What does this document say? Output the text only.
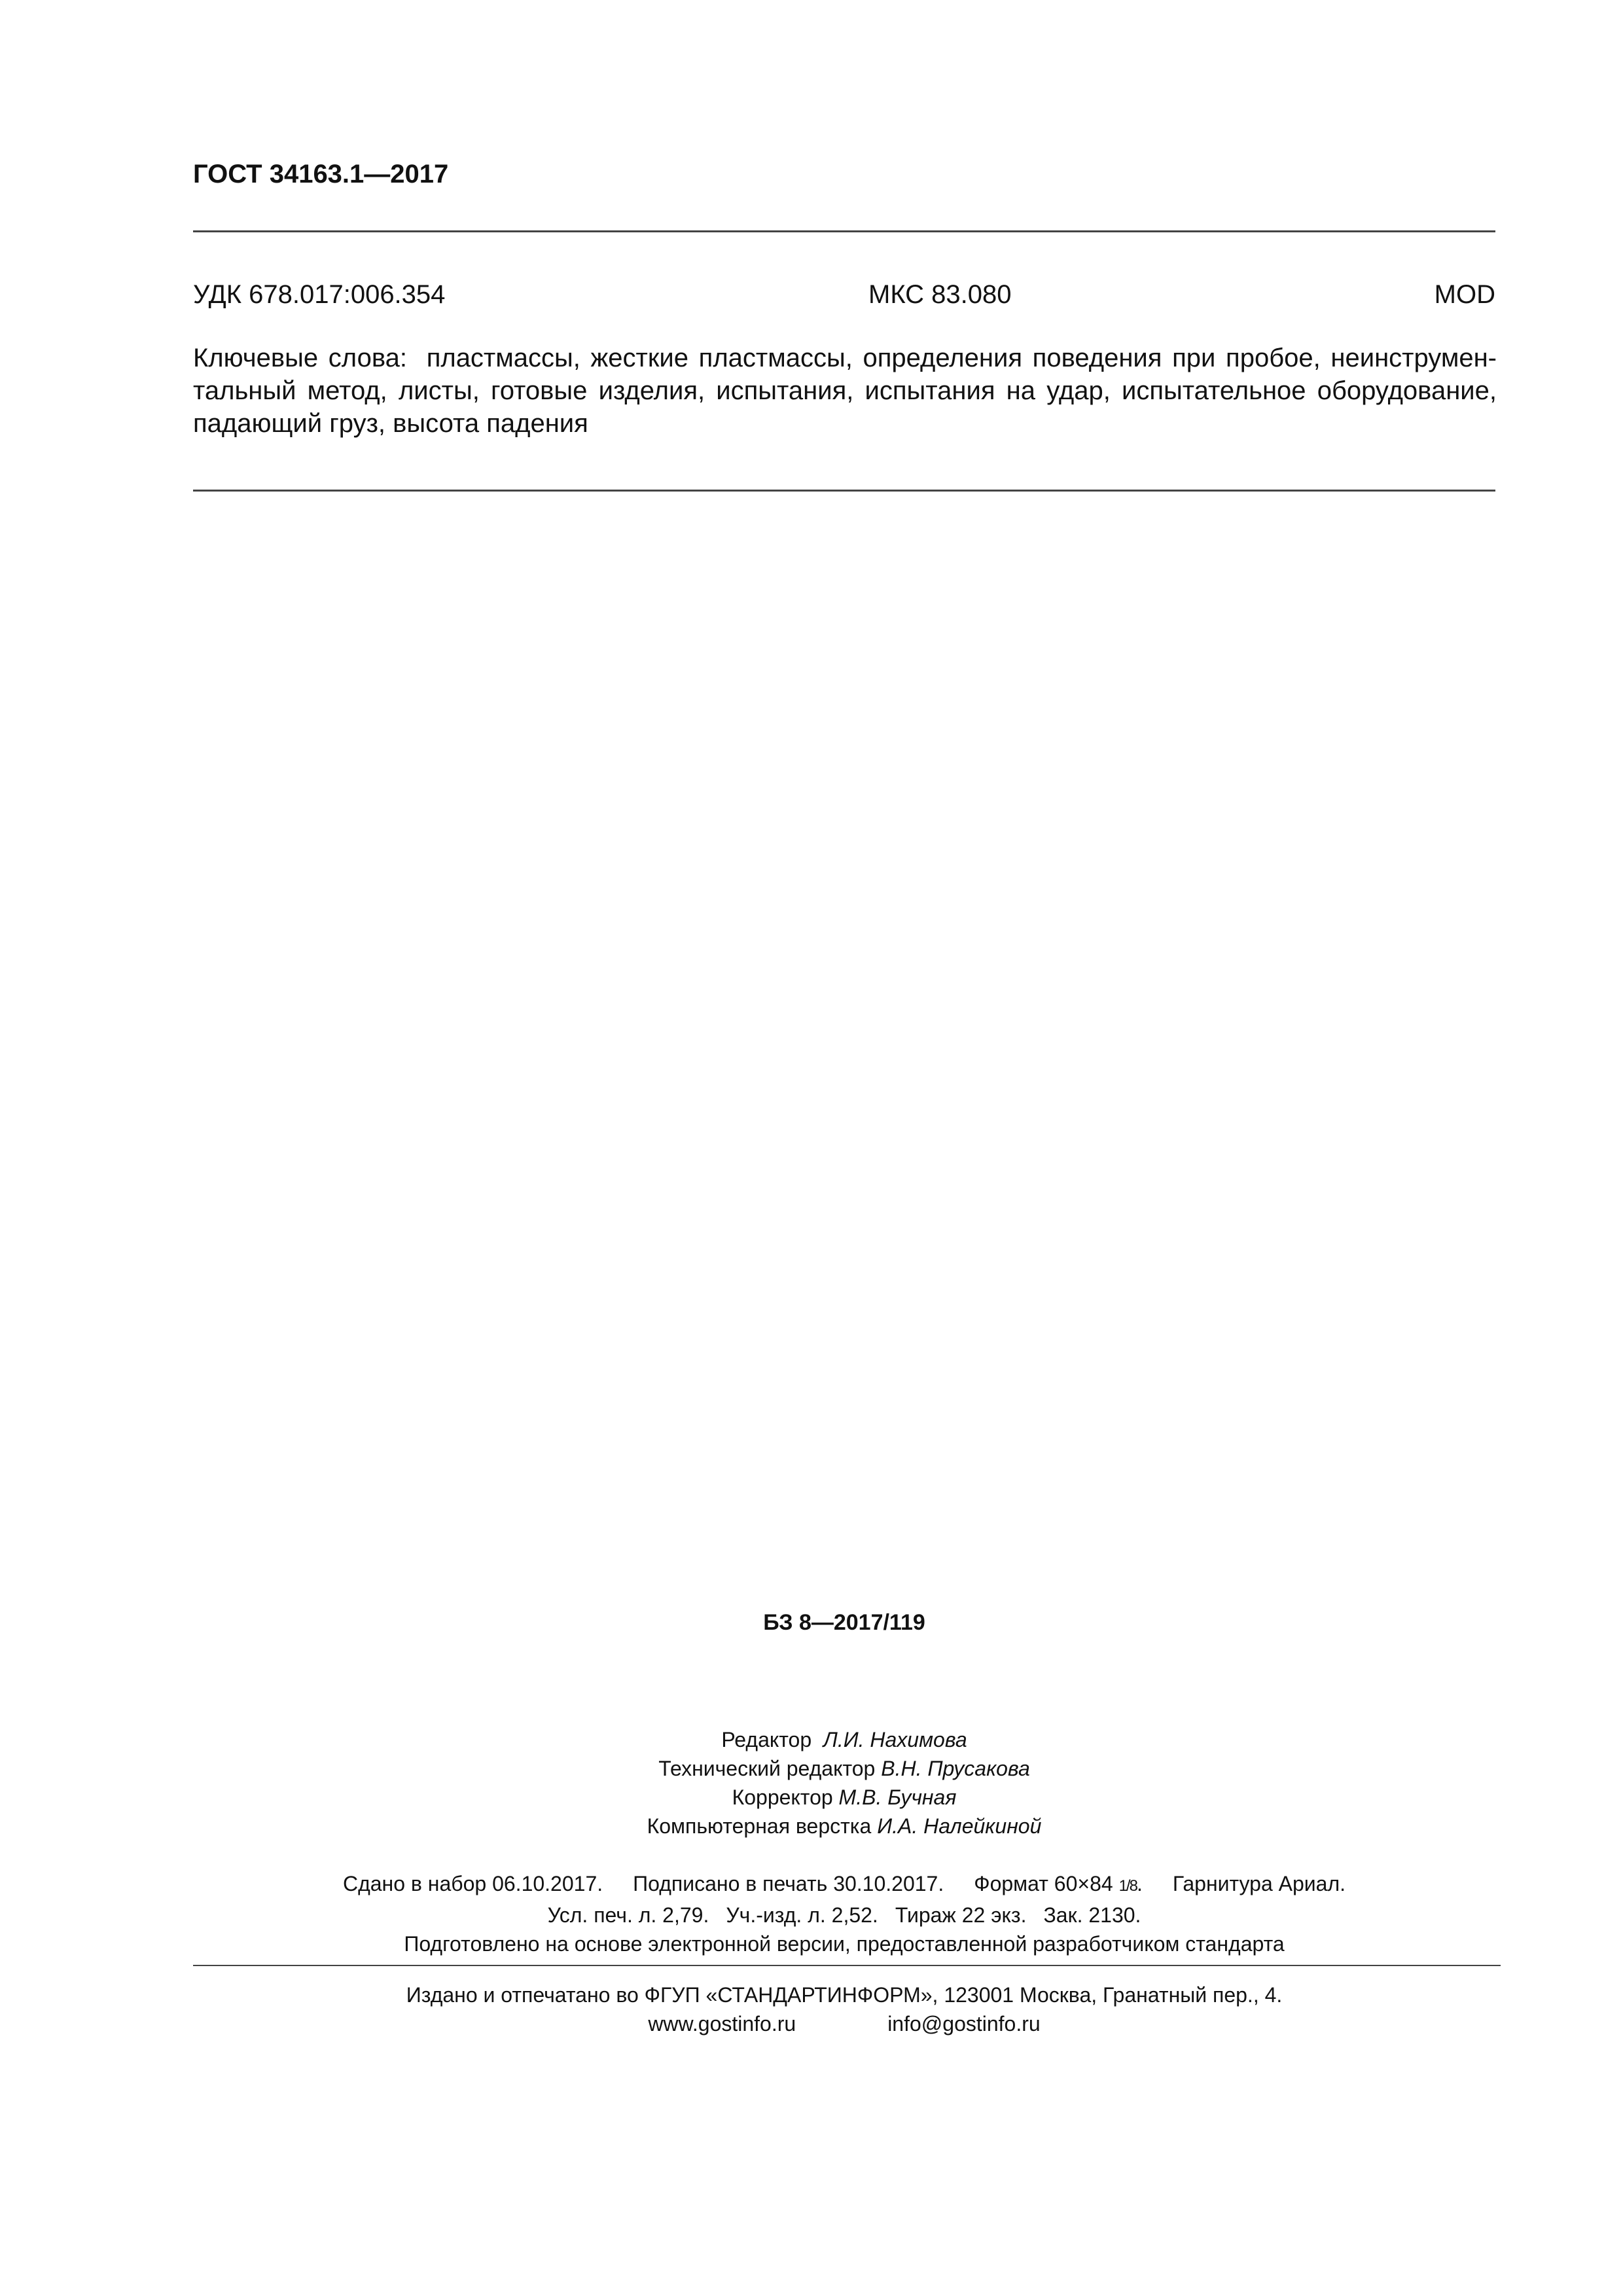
ГОСТ 34163.1—2017
УДК 678.017:006.354	МКС 83.080	MOD
Ключевые слова: пластмассы, жесткие пластмассы, определения поведения при пробое, неинструмен-тальный метод, листы, готовые изделия, испытания, испытания на удар, испытательное оборудование, падающий груз, высота падения
БЗ 8—2017/119
Редактор Л.И. Нахимова
Технический редактор В.Н. Прусакова
Корректор М.В. Бучная
Компьютерная верстка И.А. Налейкиной
Сдано в набор 06.10.2017. Подписано в печать 30.10.2017. Формат 60×84 1/8. Гарнитура Ариал.
Усл. печ. л. 2,79. Уч.-изд. л. 2,52. Тираж 22 экз. Зак. 2130.
Подготовлено на основе электронной версии, предоставленной разработчиком стандарта
Издано и отпечатано во ФГУП «СТАНДАРТИНФОРМ», 123001 Москва, Гранатный пер., 4.
www.gostinfo.ru	info@gostinfo.ru
